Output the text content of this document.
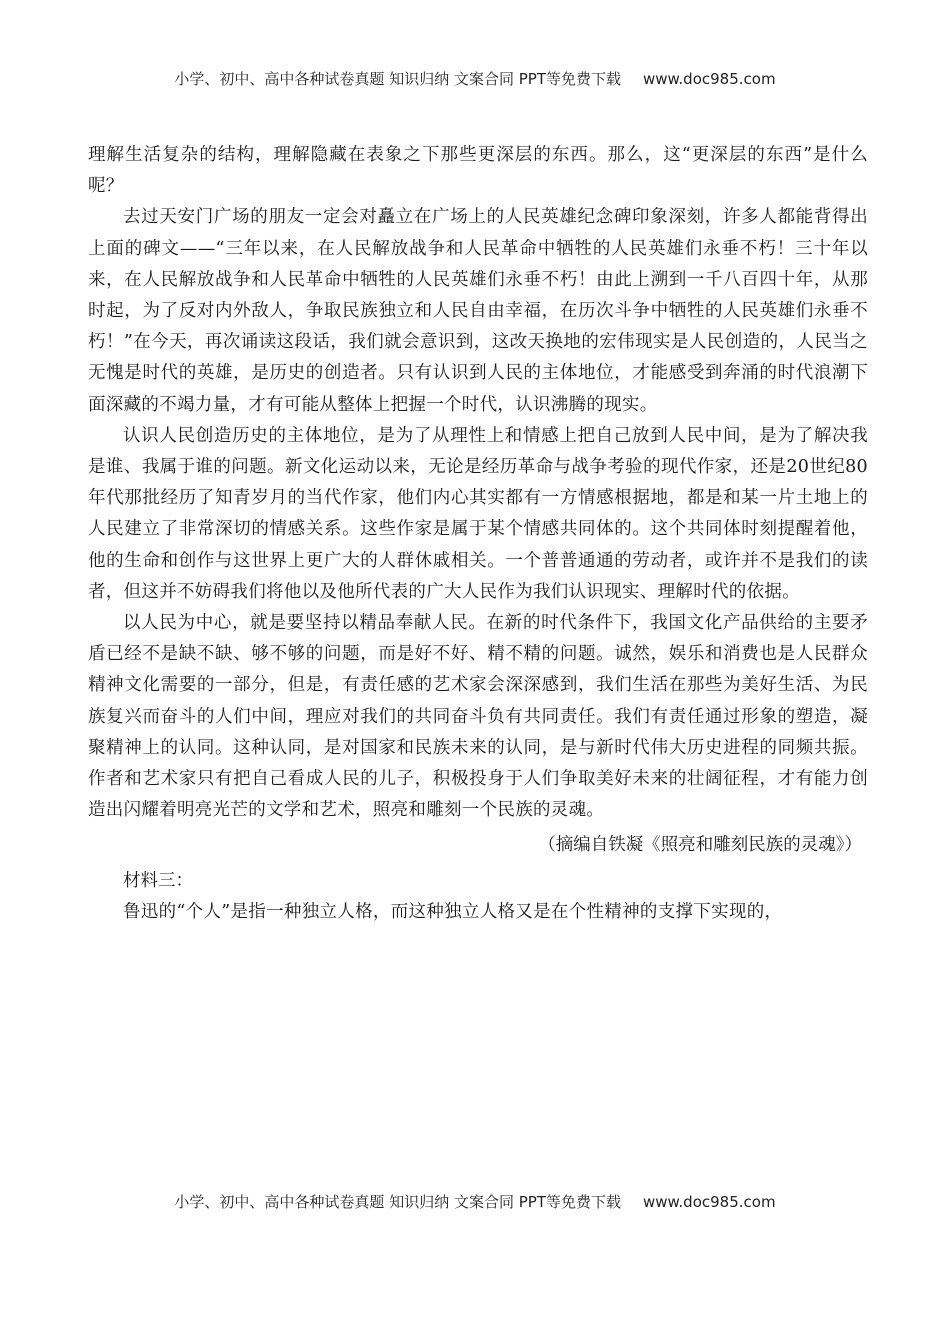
小学、初中、高中各种试卷真题 知识归纳 文案合同 PPT等免费下载 www.doc985.com

理解生活复杂的结构，理解隐藏在表象之下那些更深层的东西。那么，这“更深层的东西”是什么呢？

去过天安门广场的朋友一定会对矗立在广场上的人民英雄纪念碑印象深刻，许多人都能背得出上面的碑文——“三年以来，在人民解放战争和人民革命中牺牲的人民英雄们永垂不朽！三十年以来，在人民解放战争和人民革命中牺牲的人民英雄们永垂不朽！由此上溯到一千八百四十年，从那时起，为了反对内外敌人，争取民族独立和人民自由幸福，在历次斗争中牺牲的人民英雄们永垂不朽！”在今天，再次诵读这段话，我们就会意识到，这改天换地的宏伟现实是人民创造的，人民当之无愧是时代的英雄，是历史的创造者。只有认识到人民的主体地位，才能感受到奔涌的时代浪潮下面深藏的不竭力量，才有可能从整体上把握一个时代，认识沸腾的现实。

认识人民创造历史的主体地位，是为了从理性上和情感上把自己放到人民中间，是为了解决我是谁、我属于谁的问题。新文化运动以来，无论是经历革命与战争考验的现代作家，还是20世纪80年代那批经历了知青岁月的当代作家，他们内心其实都有一方情感根据地，都是和某一片土地上的人民建立了非常深切的情感关系。这些作家是属于某个情感共同体的。这个共同体时刻提醒着他，他的生命和创作与这世界上更广大的人群休戚相关。一个普普通通的劳动者，或许并不是我们的读者，但这并不妨碍我们将他以及他所代表的广大人民作为我们认识现实、理解时代的依据。

以人民为中心，就是要坚持以精品奉献人民。在新的时代条件下，我国文化产品供给的主要矛盾已经不是缺不缺、够不够的问题，而是好不好、精不精的问题。诚然，娱乐和消费也是人民群众精神文化需要的一部分，但是，有责任感的艺术家会深深感到，我们生活在那些为美好生活、为民族复兴而奋斗的人们中间，理应对我们的共同奋斗负有共同责任。我们有责任通过形象的塑造，凝聚精神上的认同。这种认同，是对国家和民族未来的认同，是与新时代伟大历史进程的同频共振。作者和艺术家只有把自己看成人民的儿子，积极投身于人们争取美好未来的壮阔征程，才有能力创造出闪耀着明亮光芒的文学和艺术，照亮和雕刻一个民族的灵魂。

（摘编自铁凝《照亮和雕刻民族的灵魂》）

材料三：

鲁迅的“个人”是指一种独立人格，而这种独立人格又是在个性精神的支撑下实现的，

小学、初中、高中各种试卷真题 知识归纳 文案合同 PPT等免费下载 www.doc985.com
